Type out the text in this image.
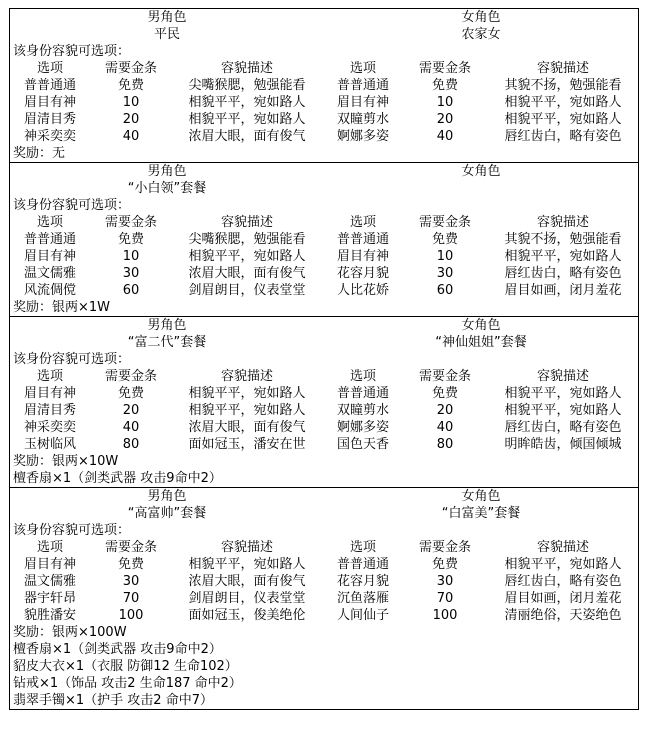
男角色
平民
女角色
农家女
该身份容貌可选项：
选项	需要金条	容貌描述	选项	需要金条	容貌描述
普普通通	免费	尖嘴猴腮，勉强能看	普普通通	免费	其貌不扬，勉强能看
眉目有神	10	相貌平平，宛如路人	眉目有神	10	相貌平平，宛如路人
眉清目秀	20	相貌平平，宛如路人	双瞳剪水	20	相貌平平，宛如路人
神采奕奕	40	浓眉大眼，面有俊气	婀娜多姿	40	唇红齿白，略有姿色
奖励：无
男角色
“小白领”套餐
女角色
该身份容貌可选项：
选项	需要金条	容貌描述	选项	需要金条	容貌描述
普普通通	免费	尖嘴猴腮，勉强能看	普普通通	免费	其貌不扬，勉强能看
眉目有神	10	相貌平平，宛如路人	眉目有神	10	相貌平平，宛如路人
温文儒雅	30	浓眉大眼，面有俊气	花容月貌	30	唇红齿白，略有姿色
风流倜傥	60	剑眉朗目，仪表堂堂	人比花娇	60	眉目如画，闭月羞花
奖励：银两×1W
男角色
“富二代”套餐
女角色
“神仙姐姐”套餐
该身份容貌可选项：
选项	需要金条	容貌描述	选项	需要金条	容貌描述
眉目有神	免费	相貌平平，宛如路人	普普通通	免费	相貌平平，宛如路人
眉清目秀	20	相貌平平，宛如路人	双瞳剪水	20	相貌平平，宛如路人
神采奕奕	40	浓眉大眼，面有俊气	婀娜多姿	40	唇红齿白，略有姿色
玉树临风	80	面如冠玉，潘安在世	国色天香	80	明眸皓齿，倾国倾城
奖励：银两×10W
檀香扇×1（剑类武器 攻击9命中2）
男角色
“高富帅”套餐
女角色
“白富美”套餐
该身份容貌可选项：
选项	需要金条	容貌描述	选项	需要金条	容貌描述
眉目有神	免费	相貌平平，宛如路人	普普通通	免费	相貌平平，宛如路人
温文儒雅	30	浓眉大眼，面有俊气	花容月貌	30	唇红齿白，略有姿色
器宇轩昂	70	剑眉朗目，仪表堂堂	沉鱼落雁	70	眉目如画，闭月羞花
貌胜潘安	100	面如冠玉，俊美绝伦	人间仙子	100	清丽绝俗，天姿绝色
奖励：银两×100W
檀香扇×1（剑类武器 攻击9命中2）
貂皮大衣×1（衣服 防御12 生命102）
钻戒×1（饰品 攻击2 生命187 命中2）
翡翠手镯×1（护手 攻击2 命中7）
